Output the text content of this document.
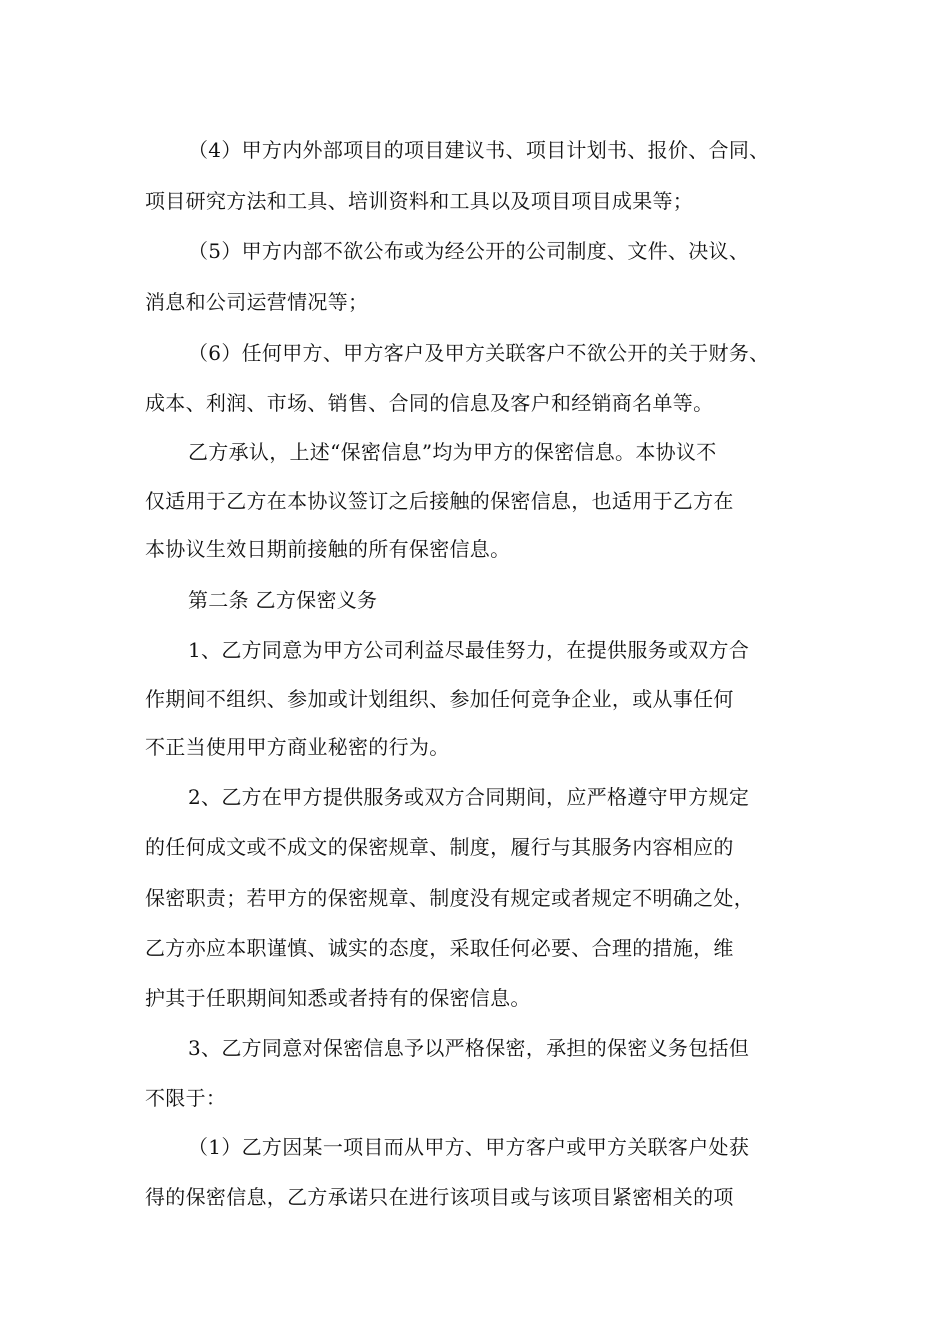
（4）甲方内外部项目的项目建议书、项目计划书、报价、合同、
项目研究方法和工具、培训资料和工具以及项目项目成果等；
（5）甲方内部不欲公布或为经公开的公司制度、文件、决议、
消息和公司运营情况等；
（6）任何甲方、甲方客户及甲方关联客户不欲公开的关于财务、
成本、利润、市场、销售、合同的信息及客户和经销商名单等。
乙方承认，上述“保密信息”均为甲方的保密信息。本协议不
仅适用于乙方在本协议签订之后接触的保密信息，也适用于乙方在
本协议生效日期前接触的所有保密信息。
第二条 乙方保密义务
1、乙方同意为甲方公司利益尽最佳努力，在提供服务或双方合
作期间不组织、参加或计划组织、参加任何竞争企业，或从事任何
不正当使用甲方商业秘密的行为。
2、乙方在甲方提供服务或双方合同期间，应严格遵守甲方规定
的任何成文或不成文的保密规章、制度，履行与其服务内容相应的
保密职责；若甲方的保密规章、制度没有规定或者规定不明确之处，
乙方亦应本职谨慎、诚实的态度，采取任何必要、合理的措施，维
护其于任职期间知悉或者持有的保密信息。
3、乙方同意对保密信息予以严格保密，承担的保密义务包括但
不限于：
（1）乙方因某一项目而从甲方、甲方客户或甲方关联客户处获
得的保密信息，乙方承诺只在进行该项目或与该项目紧密相关的项
